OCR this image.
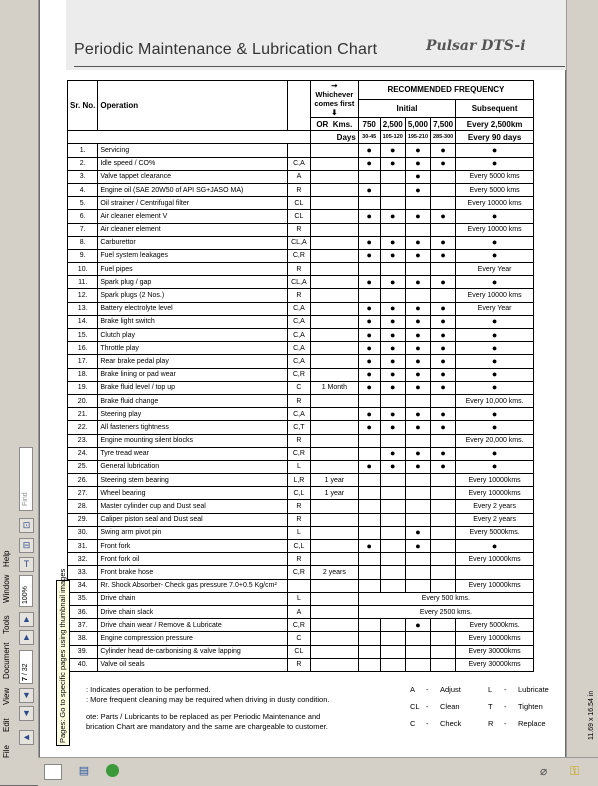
File
Edit
View
Document
Tools
Window
Help
Find
⊡
⊟
T
100%
▲
▲
7 / 32
▼
▼
◄	Pages: Go to specific pages using thumbnail images
Periodic Maintenance & Lubrication Chart	Pulsar DTS-i
Sr. No.	Operation		➞
Whichever comes first
⬇	RECOMMENDED FREQUENCY				
				Initial				Subsequent
			OR Kms.	750	2,500	5,000	7,500	Every 2,500km
			Days	30-45	105-120	195-210	285-300	Every 90 days
1.	Servicing			●	●	●	●	●
2.	Idle speed / CO%	C,A		●	●	●	●	●
3.	Valve tappet clearance	A				●		Every 5000 kms
4.	Engine oil (SAE 20W50 of API SG+JASO MA)	R		●		●		Every 5000 kms
5.	Oil strainer / Centrifugal filter	CL						Every 10000 kms
6.	Air cleaner element V	CL		●	●	●	●	●
7.	Air cleaner element	R						Every 10000 kms
8.	Carburettor	CL,A		●	●	●	●	●
9.	Fuel system leakages	C,R		●	●	●	●	●
10.	Fuel pipes	R						Every Year
11.	Spark plug / gap	CL,A		●	●	●	●	●
12.	Spark plugs (2 Nos.)	R						Every 10000 kms
13.	Battery electrolyte level	C,A		●	●	●	●	Every Year
14.	Brake light switch	C,A		●	●	●	●	●
15.	Clutch play	C,A		●	●	●	●	●
16.	Throttle play	C,A		●	●	●	●	●
17.	Rear brake pedal play	C,A		●	●	●	●	●
18.	Brake lining or pad wear	C,R		●	●	●	●	●
19.	Brake fluid level / top up	C	1 Month	●	●	●	●	●
20.	Brake fluid change	R						Every 10,000 kms.
21.	Steering play	C,A		●	●	●	●	●
22.	All fasteners tightness	C,T		●	●	●	●	●
23.	Engine mounting silent blocks	R						Every 20,000 kms.
24.	Tyre tread wear	C,R			●	●	●	●
25.	General lubrication	L		●	●	●	●	●
26.	Steering stem bearing	L,R	1 year					Every 10000kms
27.	Wheel bearing	C,L	1 year					Every 10000kms
28.	Master cylinder cup and Dust seal	R						Every 2 years
29.	Caliper piston seal and Dust seal	R						Every 2 years
30.	Swing arm pivot pin	L				●		Every 5000kms.
31.	Front fork	C,L		●		●		●
32.	Front fork oil	R						Every 10000kms
33.	Front brake hose	C,R	2 years					
34.	Rr. Shock Absorber- Check gas pressure 7.0+0.5 Kg/cm²							Every 10000kms
35.	Drive chain	L		Every 500 kms.				
36.	Drive chain slack	A		Every 2500 kms.				
37.	Drive chain wear / Remove & Lubricate	C,R				●		Every 5000kms.
38.	Engine compression pressure	C						Every 10000kms
39.	Cylinder head de-carbonising & valve lapping	CL						Every 30000kms
40.	Valve oil seals	R						Every 30000kms
: Indicates operation to be performed.
: More frequent cleaning may be required when driving in dusty condition.
ote: Parts / Lubricants to be replaced as per Periodic Maintenance and
brication Chart are mandatory and the same are chargeable to customer.
A - Adjust	L - Lubricate
CL - Clean	T - Tighten
C - Check	R - Replace	11.69 x 16.54 in
▤	⌀	⚿
